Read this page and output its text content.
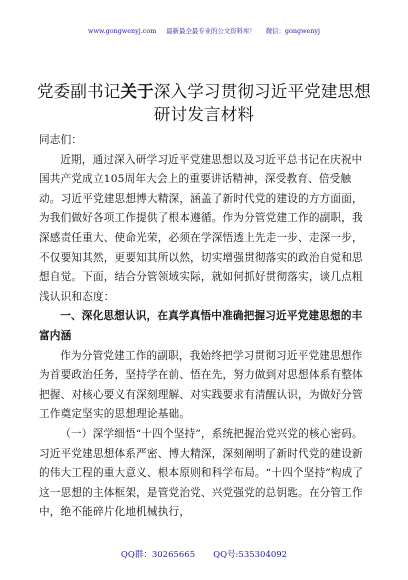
www.gongwenyj.com 最新最全最专业的公文资料库！ 微信：gongwenyj
党委副书记关于深入学习贯彻习近平党建思想研讨发言材料

同志们：

近期，通过深入研学习近平党建思想以及习近平总书记在庆祝中国共产党成立105周年大会上的重要讲话精神，深受教育、倍受触动。习近平党建思想博大精深，涵盖了新时代党的建设的方方面面，为我们做好各项工作提供了根本遵循。作为分管党建工作的副职，我深感责任重大、使命光荣，必须在学深悟透上先走一步、走深一步，不仅要知其然，更要知其所以然，切实增强贯彻落实的政治自觉和思想自觉。下面，结合分管领域实际，就如何抓好贯彻落实，谈几点粗浅认识和态度：

一、深化思想认识，在真学真悟中准确把握习近平党建思想的丰富内涵

作为分管党建工作的副职，我始终把学习贯彻习近平党建思想作为首要政治任务，坚持学在前、悟在先，努力做到对思想体系有整体把握、对核心要义有深刻理解、对实践要求有清醒认识，为做好分管工作奠定坚实的思想理论基础。

（一）深学细悟“十四个坚持”，系统把握治党兴党的核心密码。习近平党建思想体系严密、博大精深，深刻阐明了新时代党的建设新的伟大工程的重大意义、根本原则和科学布局。“十四个坚持”构成了这一思想的主体框架，是管党治党、兴党强党的总钥匙。在分管工作中，绝不能碎片化地机械执行，

QQ群：30265665 QQ号:535304092
